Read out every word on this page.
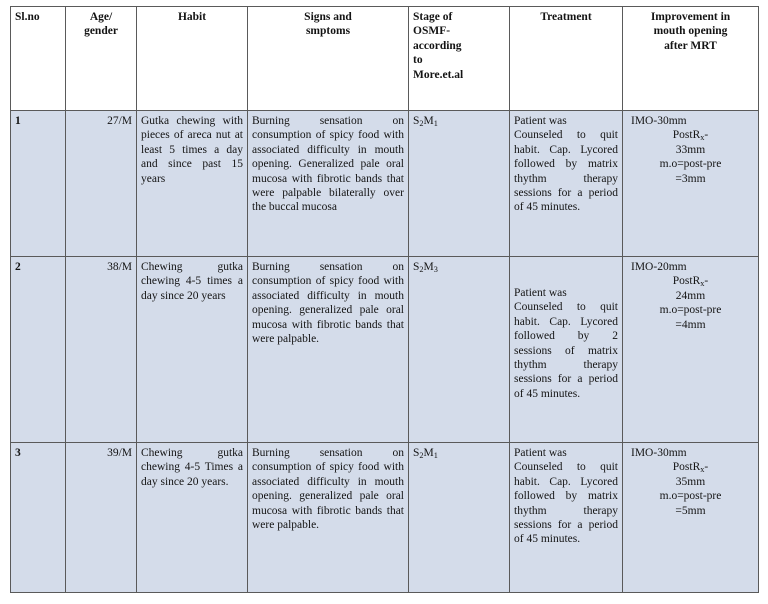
Sl.no	Age/
gender	Habit	Signs and
smptoms	Stage of
OSMF-
according
to
More.et.al	Treatment	Improvement in
mouth opening
after MRT
1	27/M	Gutka chewing with pieces of areca nut at least 5 times a day and since past 15 years	Burning sensation on consumption of spicy food with associated difficulty in mouth opening. Generalized pale oral mucosa with fibrotic bands that were palpable bilaterally over the buccal mucosa	$S_2M_1$	Patient was
Counseled to quit habit. Cap. Lycored followed by matrix thythm therapy sessions for a period of 45 minutes.	IMO-30mm
PostR$_x$-
33mm
m.o=post-pre
=3mm
2	38/M	Chewing gutka chewing 4-5 times a day since 20 years	Burning sensation on consumption of spicy food with associated difficulty in mouth opening. generalized pale oral mucosa with fibrotic bands that were palpable.	$S_2M_3$	Patient was
Counseled to quit habit. Cap. Lycored followed by 2 sessions of matrix thythm therapy sessions for a period of 45 minutes.	IMO-20mm
PostR$_x$-
24mm
m.o=post-pre
=4mm
3	39/M	Chewing gutka chewing 4-5 Times a day since 20 years.	Burning sensation on consumption of spicy food with associated difficulty in mouth opening. generalized pale oral mucosa with fibrotic bands that were palpable.	$S_2M_1$	Patient was
Counseled to quit habit. Cap. Lycored followed by matrix thythm therapy sessions for a period of 45 minutes.	IMO-30mm
PostR$_x$-
35mm
m.o=post-pre
=5mm
